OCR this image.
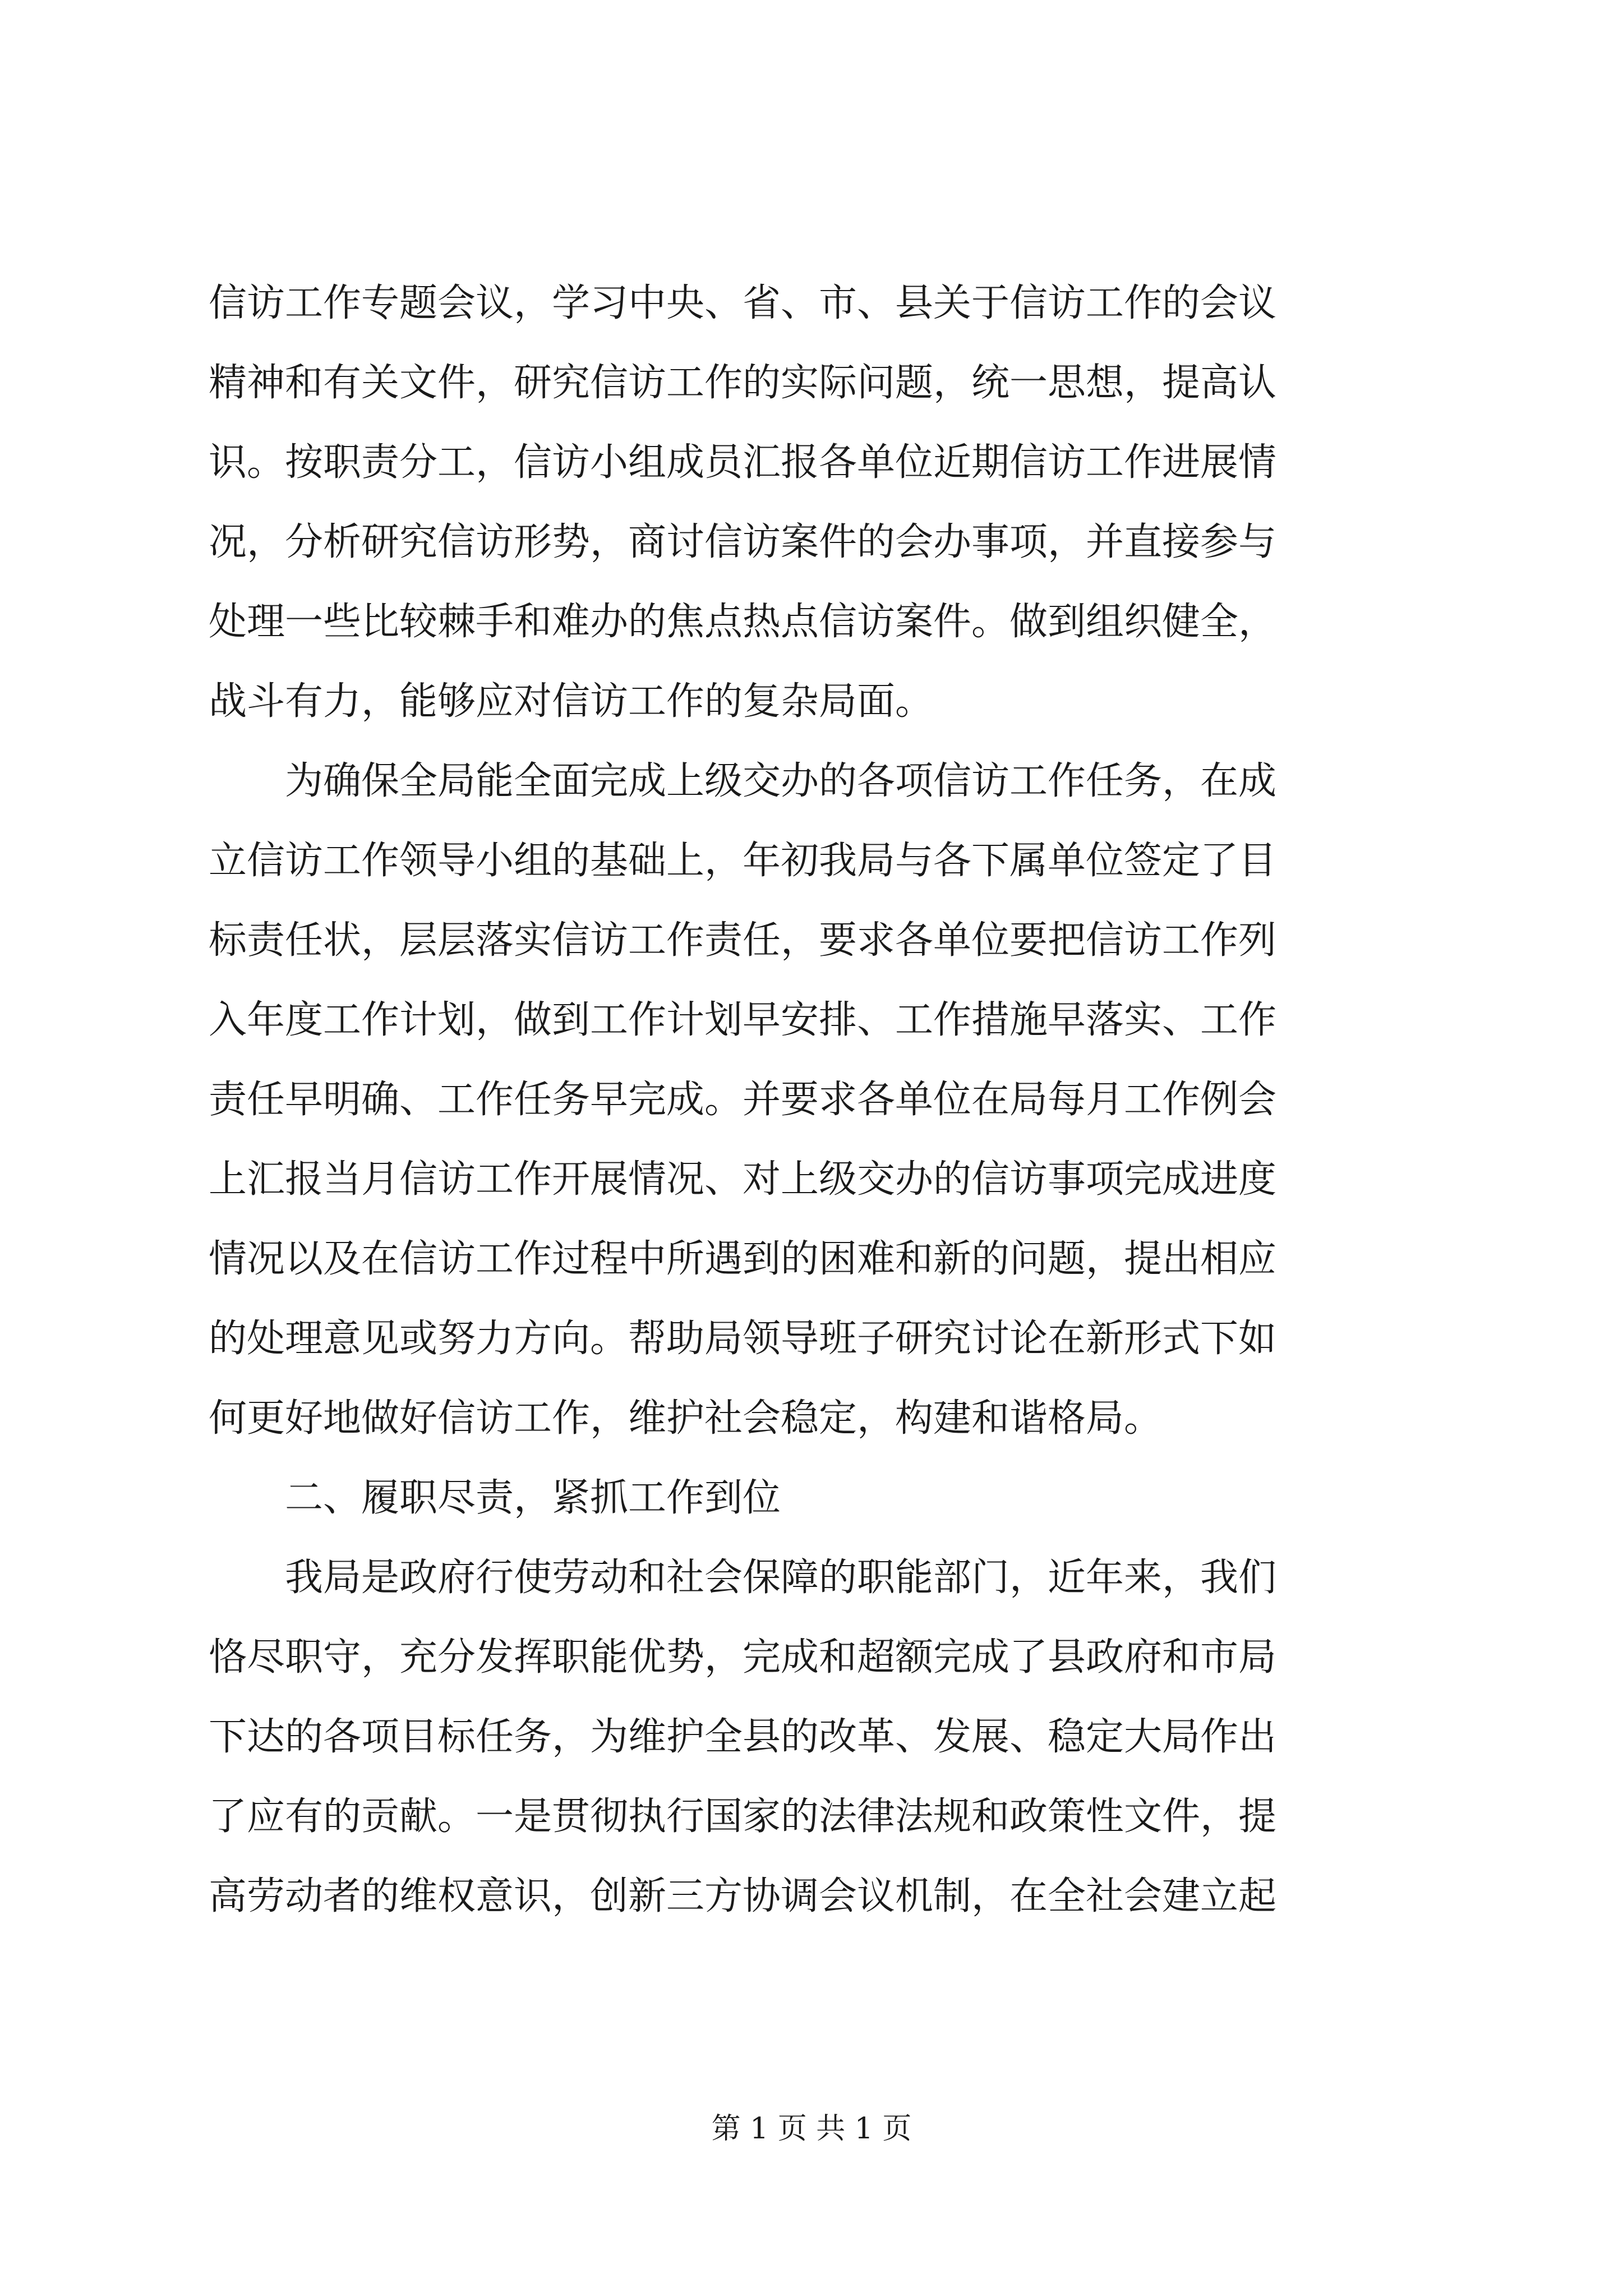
信访工作专题会议，学习中央、省、市、县关于信访工作的会议
精神和有关文件，研究信访工作的实际问题，统一思想，提高认
识。按职责分工，信访小组成员汇报各单位近期信访工作进展情
况，分析研究信访形势，商讨信访案件的会办事项，并直接参与
处理一些比较棘手和难办的焦点热点信访案件。做到组织健全，
战斗有力，能够应对信访工作的复杂局面。
　　为确保全局能全面完成上级交办的各项信访工作任务，在成
立信访工作领导小组的基础上，年初我局与各下属单位签定了目
标责任状，层层落实信访工作责任，要求各单位要把信访工作列
入年度工作计划，做到工作计划早安排、工作措施早落实、工作
责任早明确、工作任务早完成。并要求各单位在局每月工作例会
上汇报当月信访工作开展情况、对上级交办的信访事项完成进度
情况以及在信访工作过程中所遇到的困难和新的问题，提出相应
的处理意见或努力方向。帮助局领导班子研究讨论在新形式下如
何更好地做好信访工作，维护社会稳定，构建和谐格局。
　　二、履职尽责，紧抓工作到位
　　我局是政府行使劳动和社会保障的职能部门，近年来，我们
恪尽职守，充分发挥职能优势，完成和超额完成了县政府和市局
下达的各项目标任务，为维护全县的改革、发展、稳定大局作出
了应有的贡献。一是贯彻执行国家的法律法规和政策性文件，提
高劳动者的维权意识，创新三方协调会议机制，在全社会建立起
第 1 页 共 1 页
